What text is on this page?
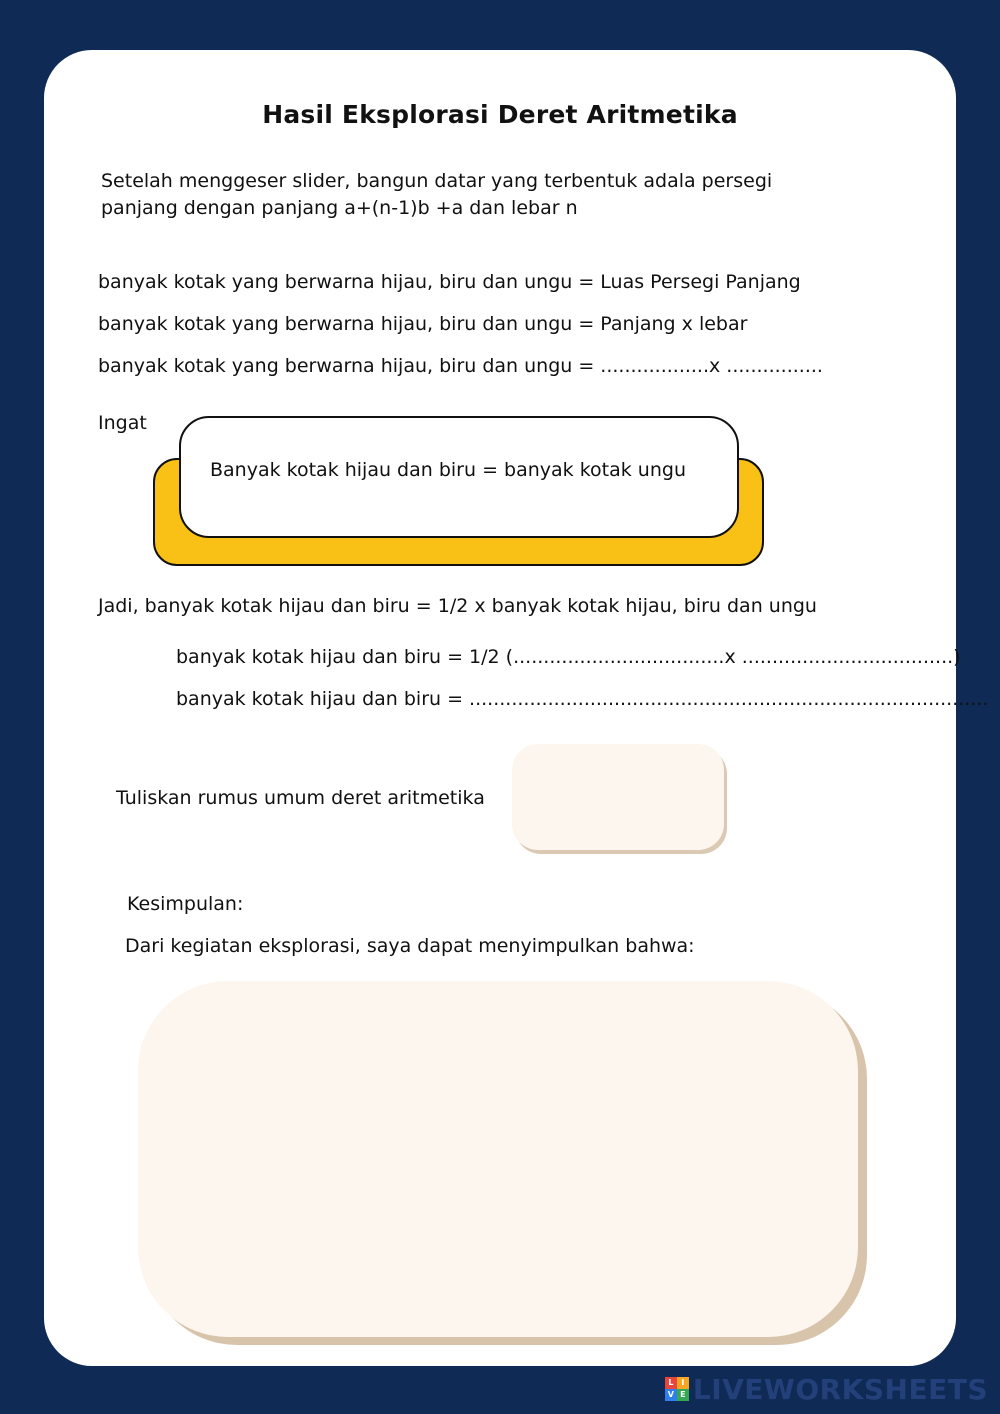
Hasil Eksplorasi Deret Aritmetika
Setelah menggeser slider, bangun datar yang terbentuk adala persegi
panjang dengan panjang a+(n-1)b +a dan lebar n
banyak kotak yang berwarna hijau, biru dan ungu = Luas Persegi Panjang
banyak kotak yang berwarna hijau, biru dan ungu = Panjang x lebar
banyak kotak yang berwarna hijau, biru dan ungu = ..................x ................
Ingat
Banyak kotak hijau dan biru = banyak kotak ungu
Jadi, banyak kotak hijau dan biru = 1/2 x banyak kotak hijau, biru dan ungu
banyak kotak hijau dan biru = 1/2 (...................................x ...................................)
banyak kotak hijau dan biru = ......................................................................................
Tuliskan rumus umum deret aritmetika
Kesimpulan:
Dari kegiatan eksplorasi, saya dapat menyimpulkan bahwa:
L I
V E LIVEWORKSHEETS
